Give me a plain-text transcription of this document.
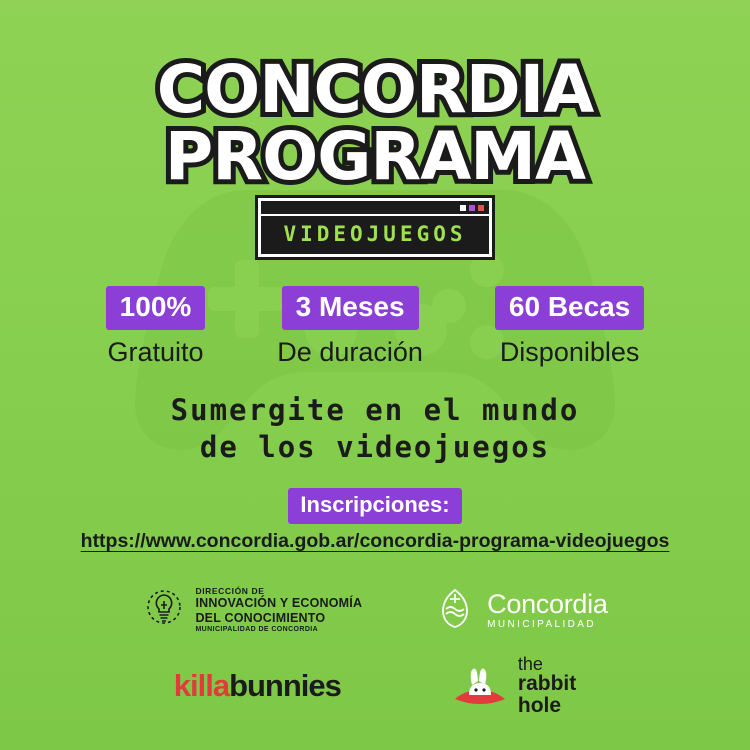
CONCORDIA
PROGRAMA
VIDEOJUEGOS
100%
Gratuito
3 Meses
De duración
60 Becas
Disponibles
Sumergite en el mundo
de los videojuegos
Inscripciones:
https://www.concordia.gob.ar/concordia-programa-videojuegos
DIRECCIÓN DE
INNOVACIÓN Y ECONOMÍA
DEL CONOCIMIENTO
MUNICIPALIDAD DE CONCORDIA
Concordia
MUNICIPALIDAD
killabunnies
the
rabbit
hole
